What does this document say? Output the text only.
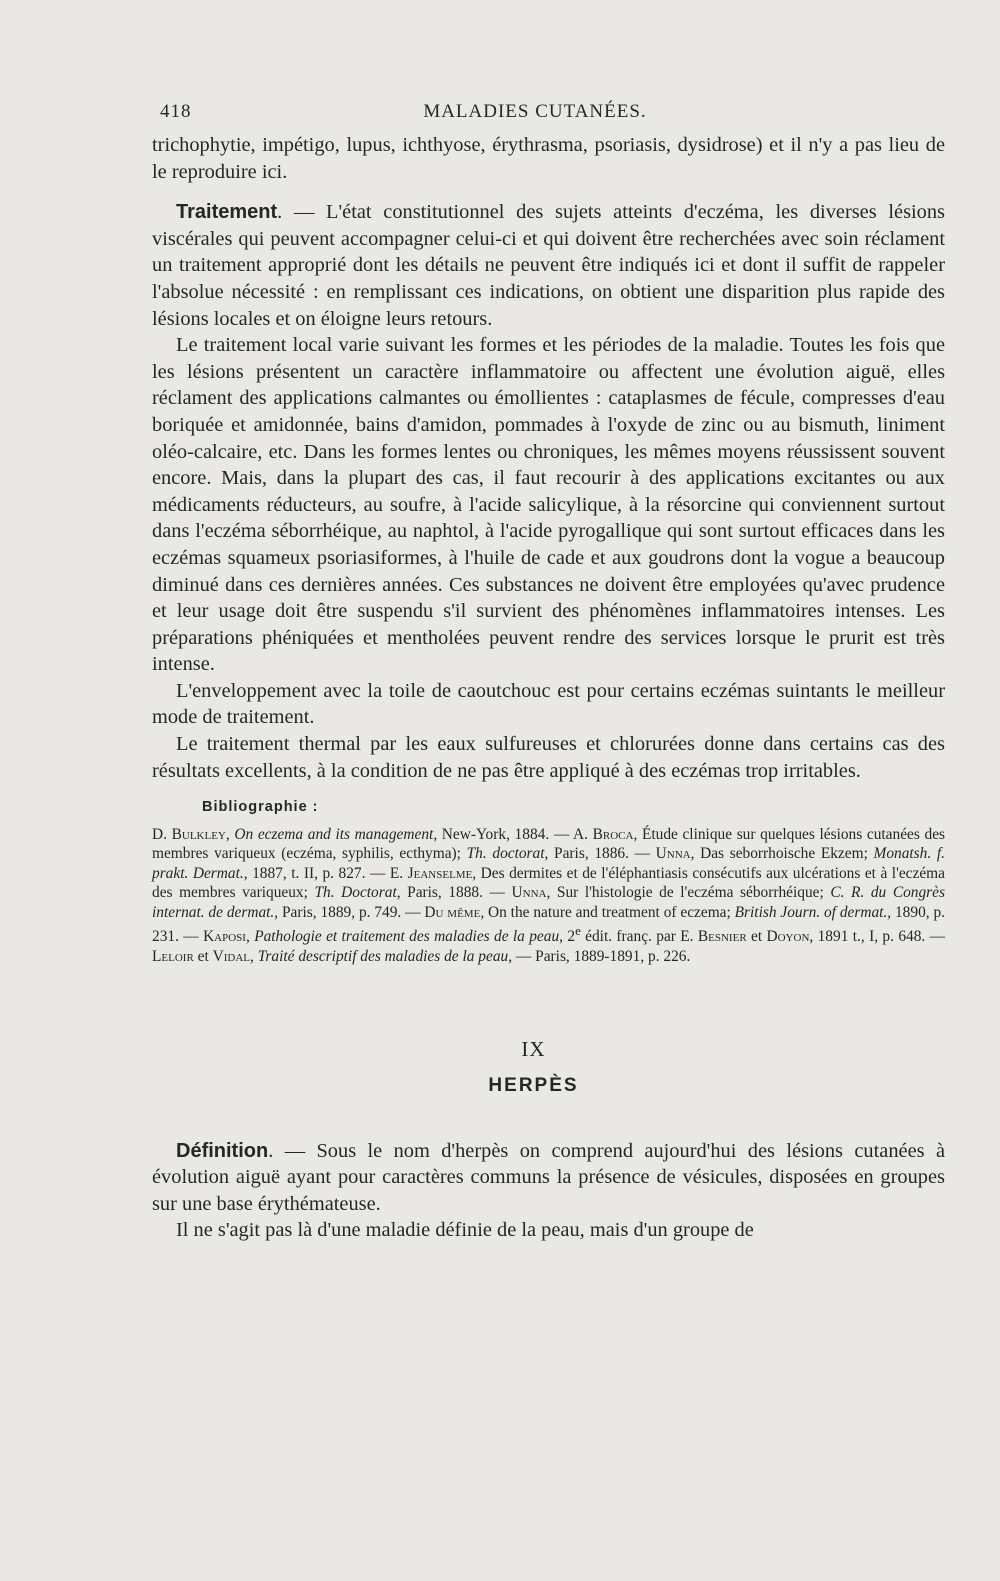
418	MALADIES CUTANÉES.

trichophytie, impétigo, lupus, ichthyose, érythrasma, psoriasis, dysidrose) et il n'y a pas lieu de le reproduire ici.

Traitement. — L'état constitutionnel des sujets atteints d'eczéma, les diverses lésions viscérales qui peuvent accompagner celui-ci et qui doivent être recherchées avec soin réclament un traitement approprié dont les détails ne peuvent être indiqués ici et dont il suffit de rappeler l'absolue nécessité : en remplissant ces indications, on obtient une disparition plus rapide des lésions locales et on éloigne leurs retours.

Le traitement local varie suivant les formes et les périodes de la maladie. Toutes les fois que les lésions présentent un caractère inflammatoire ou affectent une évolution aiguë, elles réclament des applications calmantes ou émollientes : cataplasmes de fécule, compresses d'eau boriquée et amidonnée, bains d'amidon, pommades à l'oxyde de zinc ou au bismuth, liniment oléo-calcaire, etc. Dans les formes lentes ou chroniques, les mêmes moyens réussissent souvent encore. Mais, dans la plupart des cas, il faut recourir à des applications excitantes ou aux médicaments réducteurs, au soufre, à l'acide salicylique, à la résorcine qui conviennent surtout dans l'eczéma séborrhéique, au naphtol, à l'acide pyrogallique qui sont surtout efficaces dans les eczémas squameux psoriasiformes, à l'huile de cade et aux goudrons dont la vogue a beaucoup diminué dans ces dernières années. Ces substances ne doivent être employées qu'avec prudence et leur usage doit être suspendu s'il survient des phénomènes inflammatoires intenses. Les préparations phéniquées et mentholées peuvent rendre des services lorsque le prurit est très intense.

L'enveloppement avec la toile de caoutchouc est pour certains eczémas suintants le meilleur mode de traitement.

Le traitement thermal par les eaux sulfureuses et chlorurées donne dans certains cas des résultats excellents, à la condition de ne pas être appliqué à des eczémas trop irritables.

Bibliographie :

D. Bulkley, On eczema and its management, New-York, 1884. — A. Broca, Étude clinique sur quelques lésions cutanées des membres variqueux (eczéma, syphilis, ecthyma); Th. doctorat, Paris, 1886. — Unna, Das seborrhoische Ekzem; Monatsh. f. prakt. Dermat., 1887, t. II, p. 827. — E. Jeanselme, Des dermites et de l'éléphantiasis consécutifs aux ulcérations et à l'eczéma des membres variqueux; Th. Doctorat, Paris, 1888. — Unna, Sur l'histologie de l'eczéma séborrhéique; C. R. du Congrès internat. de dermat., Paris, 1889, p. 749. — Du même, On the nature and treatment of eczema; British Journ. of dermat., 1890, p. 231. — Kaposi, Pathologie et traitement des maladies de la peau, 2e édit. franç. par E. Besnier et Doyon, 1891 t., I, p. 648. — Leloir et Vidal, Traité descriptif des maladies de la peau, — Paris, 1889-1891, p. 226.

IX

HERPÈS

Définition. — Sous le nom d'herpès on comprend aujourd'hui des lésions cutanées à évolution aiguë ayant pour caractères communs la présence de vésicules, disposées en groupes sur une base érythémateuse.

Il ne s'agit pas là d'une maladie définie de la peau, mais d'un groupe de
